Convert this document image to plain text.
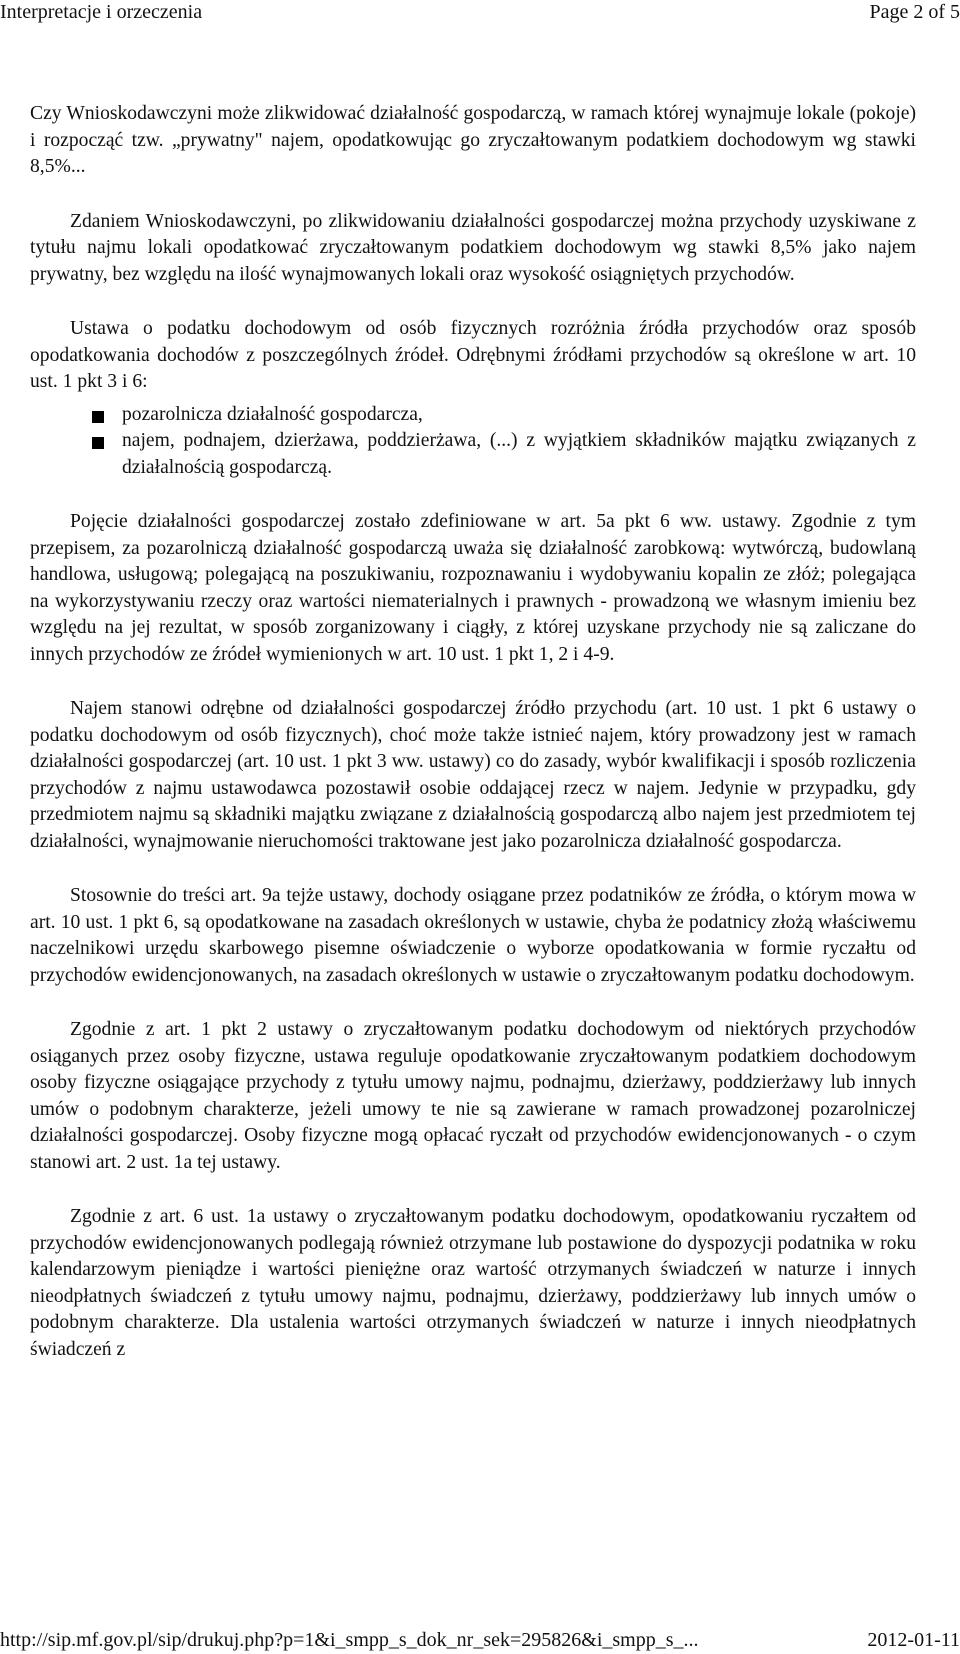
Interpretacje i orzeczenia	Page 2 of 5

Czy Wnioskodawczyni może zlikwidować działalność gospodarczą, w ramach której wynajmuje lokale (pokoje) i rozpocząć tzw. „prywatny" najem, opodatkowując go zryczałtowanym podatkiem dochodowym wg stawki 8,5%...

Zdaniem Wnioskodawczyni, po zlikwidowaniu działalności gospodarczej można przychody uzyskiwane z tytułu najmu lokali opodatkować zryczałtowanym podatkiem dochodowym wg stawki 8,5% jako najem prywatny, bez względu na ilość wynajmowanych lokali oraz wysokość osiągniętych przychodów.

Ustawa o podatku dochodowym od osób fizycznych rozróżnia źródła przychodów oraz sposób opodatkowania dochodów z poszczególnych źródeł. Odrębnymi źródłami przychodów są określone w art. 10 ust. 1 pkt 3 i 6:

pozarolnicza działalność gospodarcza,
najem, podnajem, dzierżawa, poddzierżawa, (...) z wyjątkiem składników majątku związanych z działalnością gospodarczą.

Pojęcie działalności gospodarczej zostało zdefiniowane w art. 5a pkt 6 ww. ustawy. Zgodnie z tym przepisem, za pozarolniczą działalność gospodarczą uważa się działalność zarobkową: wytwórczą, budowlaną handlowa, usługową; polegającą na poszukiwaniu, rozpoznawaniu i wydobywaniu kopalin ze złóż; polegająca na wykorzystywaniu rzeczy oraz wartości niematerialnych i prawnych - prowadzoną we własnym imieniu bez względu na jej rezultat, w sposób zorganizowany i ciągły, z której uzyskane przychody nie są zaliczane do innych przychodów ze źródeł wymienionych w art. 10 ust. 1 pkt 1, 2 i 4-9.

Najem stanowi odrębne od działalności gospodarczej źródło przychodu (art. 10 ust. 1 pkt 6 ustawy o podatku dochodowym od osób fizycznych), choć może także istnieć najem, który prowadzony jest w ramach działalności gospodarczej (art. 10 ust. 1 pkt 3 ww. ustawy) co do zasady, wybór kwalifikacji i sposób rozliczenia przychodów z najmu ustawodawca pozostawił osobie oddającej rzecz w najem. Jedynie w przypadku, gdy przedmiotem najmu są składniki majątku związane z działalnością gospodarczą albo najem jest przedmiotem tej działalności, wynajmowanie nieruchomości traktowane jest jako pozarolnicza działalność gospodarcza.

Stosownie do treści art. 9a tejże ustawy, dochody osiągane przez podatników ze źródła, o którym mowa w art. 10 ust. 1 pkt 6, są opodatkowane na zasadach określonych w ustawie, chyba że podatnicy złożą właściwemu naczelnikowi urzędu skarbowego pisemne oświadczenie o wyborze opodatkowania w formie ryczałtu od przychodów ewidencjonowanych, na zasadach określonych w ustawie o zryczałtowanym podatku dochodowym.

Zgodnie z art. 1 pkt 2 ustawy o zryczałtowanym podatku dochodowym od niektórych przychodów osiąganych przez osoby fizyczne, ustawa reguluje opodatkowanie zryczałtowanym podatkiem dochodowym osoby fizyczne osiągające przychody z tytułu umowy najmu, podnajmu, dzierżawy, poddzierżawy lub innych umów o podobnym charakterze, jeżeli umowy te nie są zawierane w ramach prowadzonej pozarolniczej działalności gospodarczej. Osoby fizyczne mogą opłacać ryczałt od przychodów ewidencjonowanych - o czym stanowi art. 2 ust. 1a tej ustawy.

Zgodnie z art. 6 ust. 1a ustawy o zryczałtowanym podatku dochodowym, opodatkowaniu ryczałtem od przychodów ewidencjonowanych podlegają również otrzymane lub postawione do dyspozycji podatnika w roku kalendarzowym pieniądze i wartości pieniężne oraz wartość otrzymanych świadczeń w naturze i innych nieodpłatnych świadczeń z tytułu umowy najmu, podnajmu, dzierżawy, poddzierżawy lub innych umów o podobnym charakterze. Dla ustalenia wartości otrzymanych świadczeń w naturze i innych nieodpłatnych świadczeń z

http://sip.mf.gov.pl/sip/drukuj.php?p=1&i_smpp_s_dok_nr_sek=295826&i_smpp_s_...	2012-01-11
